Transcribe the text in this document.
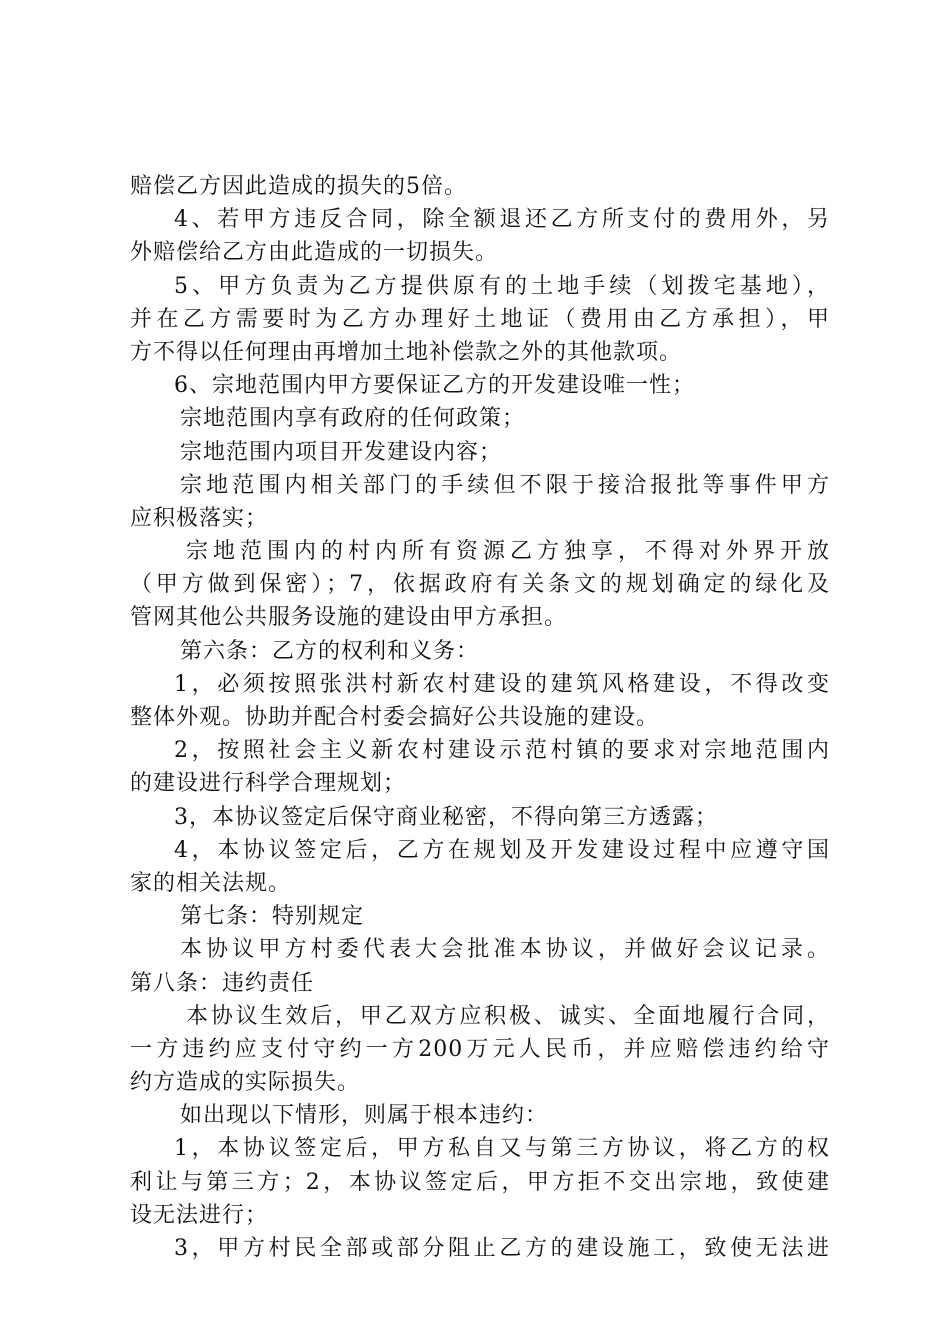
赔偿乙方因此造成的损失的5倍。
4、若甲方违反合同，除全额退还乙方所支付的费用外，另
外赔偿给乙方由此造成的一切损失。
5、甲方负责为乙方提供原有的土地手续（划拨宅基地），
并在乙方需要时为乙方办理好土地证（费用由乙方承担），甲
方不得以任何理由再增加土地补偿款之外的其他款项。
6、宗地范围内甲方要保证乙方的开发建设唯一性；
宗地范围内享有政府的任何政策；
宗地范围内项目开发建设内容；
宗地范围内相关部门的手续但不限于接洽报批等事件甲方
应积极落实；
宗地范围内的村内所有资源乙方独享，不得对外界开放
（甲方做到保密）；7，依据政府有关条文的规划确定的绿化及
管网其他公共服务设施的建设由甲方承担。
第六条：乙方的权利和义务：
1，必须按照张洪村新农村建设的建筑风格建设，不得改变
整体外观。协助并配合村委会搞好公共设施的建设。
2，按照社会主义新农村建设示范村镇的要求对宗地范围内
的建设进行科学合理规划；
3，本协议签定后保守商业秘密，不得向第三方透露；
4，本协议签定后，乙方在规划及开发建设过程中应遵守国
家的相关法规。
第七条：特别规定
本协议甲方村委代表大会批准本协议，并做好会议记录。
第八条：违约责任
本协议生效后，甲乙双方应积极、诚实、全面地履行合同，
一方违约应支付守约一方200万元人民币，并应赔偿违约给守
约方造成的实际损失。
如出现以下情形，则属于根本违约：
1，本协议签定后，甲方私自又与第三方协议，将乙方的权
利让与第三方；2，本协议签定后，甲方拒不交出宗地，致使建
设无法进行；
3，甲方村民全部或部分阻止乙方的建设施工，致使无法进
